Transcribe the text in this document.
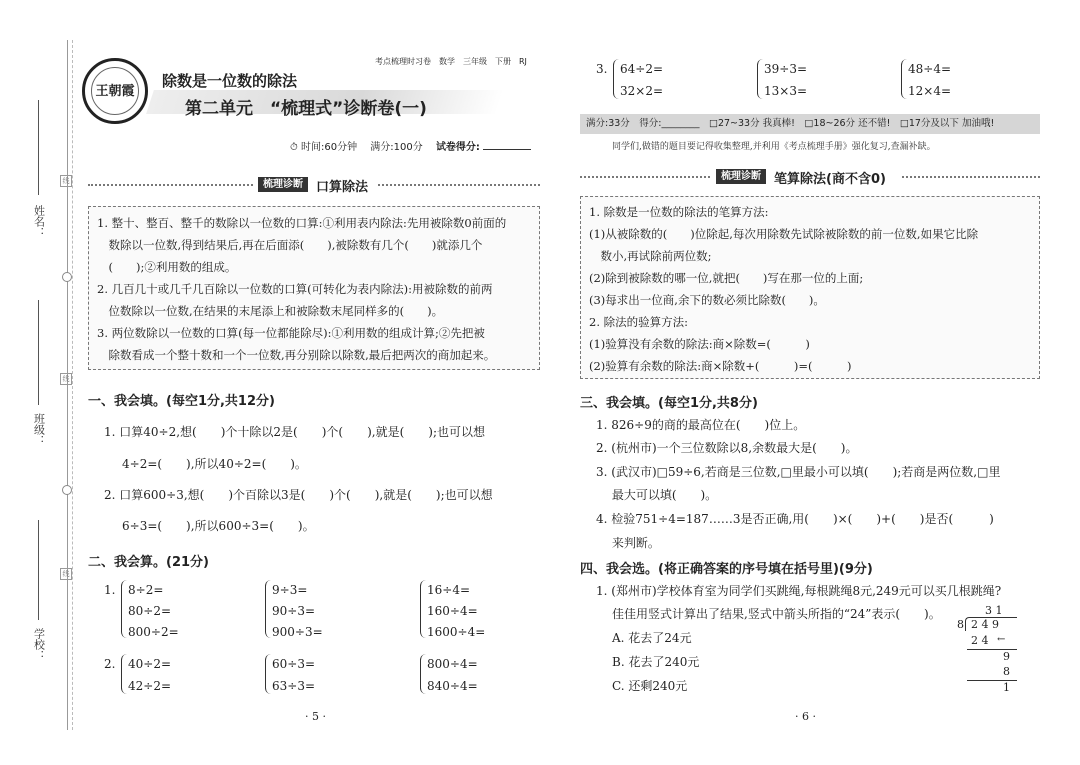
线
线
线
姓名：
班级：
学校：
王朝霞
除数是一位数的除法
考点梳理时习卷　数学　三年级　下册　RJ
第二单元　“梳理式”诊断卷(一)
⏱ 时间:60分钟　 满分:100分　 试卷得分:
梳理诊断	口算除法

1. 整十、整百、整千的数除以一位数的口算:①利用表内除法:先用被除数0前面的

　数除以一位数,得到结果后,再在后面添(　　),被除数有几个(　　)就添几个

　(　　);②利用数的组成。

2. 几百几十或几千几百除以一位数的口算(可转化为表内除法):用被除数的前两

　位数除以一位数,在结果的末尾添上和被除数末尾同样多的(　　)。

3. 两位数除以一位数的口算(每一位都能除尽):①利用数的组成计算;②先把被

　除数看成一个整十数和一个一位数,再分别除以除数,最后把两次的商加起来。

一、我会填。(每空1分,共12分)
1. 口算40÷2,想(　　)个十除以2是(　　)个(　　),就是(　　);也可以想
4÷2=(　　),所以40÷2=(　　)。
2. 口算600÷3,想(　　)个百除以3是(　　)个(　　),就是(　　);也可以想
6÷3=(　　),所以600÷3=(　　)。
二、我会算。(21分)
1. 8÷2=
80÷2=
800÷2=
9÷3=
90÷3=
900÷3=
16÷4=
160÷4=
1600÷4=
2. 40÷2=
42÷2=
60÷3=
63÷3=
800÷4=
840÷4=
· 5 ·
3. 64÷2=
32×2=
39÷3=
13×3=
48÷4=
12×4=
满分:33分　得分:________　□27~33分 我真棒!　□18~26分 还不错!　□17分及以下 加油哦!
同学们,做错的题目要记得收集整理,并利用《考点梳理手册》强化复习,查漏补缺。
梳理诊断	笔算除法(商不含0)

1. 除数是一位数的除法的笔算方法:

(1)从被除数的(　　)位除起,每次用除数先试除被除数的前一位数,如果它比除

　数小,再试除前两位数;

(2)除到被除数的哪一位,就把(　　)写在那一位的上面;

(3)每求出一位商,余下的数必须比除数(　　)。

2. 除法的验算方法:

(1)验算没有余数的除法:商×除数=(　　　)

(2)验算有余数的除法:商×除数+(　　　)=(　　　)

三、我会填。(每空1分,共8分)
1. 826÷9的商的最高位在(　　)位上。
2. (杭州市)一个三位数除以8,余数最大是(　　)。
3. (武汉市)□59÷6,若商是三位数,□里最小可以填(　　);若商是两位数,□里
　 最大可以填(　　)。
4. 检验751÷4=187……3是否正确,用(　　)×(　　)+(　　)是否(　　　)
　 来判断。
四、我会选。(将正确答案的序号填在括号里)(9分)
1. (郑州市)学校体育室为同学们买跳绳,每根跳绳8元,249元可以买几根跳绳?
佳佳用竖式计算出了结果,竖式中箭头所指的“24”表示(　　)。
A. 花去了24元
B. 花去了240元
C. 还剩240元
3 1
8 2 4 9
2 4 ←
9
8
1
· 6 ·
